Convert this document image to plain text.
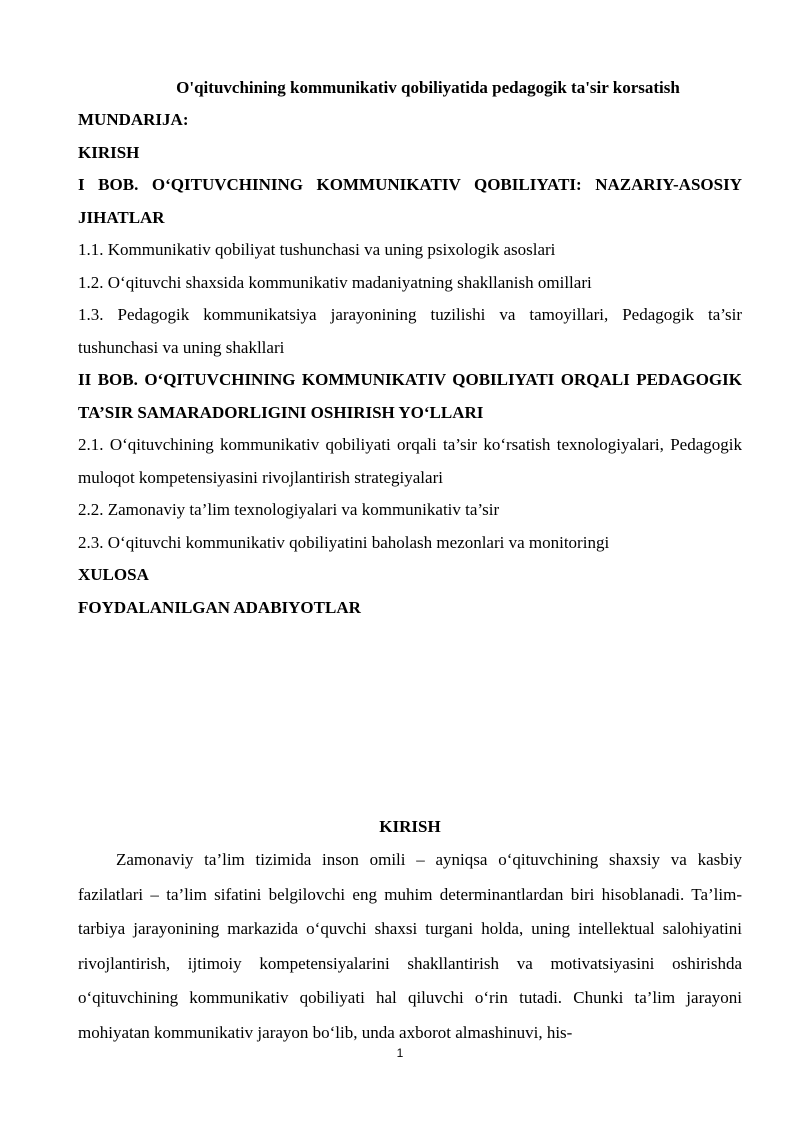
O'qituvchining kommunikativ qobiliyatida pedagogik ta'sir korsatish
MUNDARIJA:
KIRISH
I BOB. O‘QITUVCHINING KOMMUNIKATIV QOBILIYATI: NAZARIY-ASOSIY JIHATLAR
1.1. Kommunikativ qobiliyat tushunchasi va uning psixologik asoslari
1.2. O‘qituvchi shaxsida kommunikativ madaniyatning shakllanish omillari
1.3. Pedagogik kommunikatsiya jarayonining tuzilishi va tamoyillari, Pedagogik ta’sir tushunchasi va uning shakllari
II BOB. O‘QITUVCHINING KOMMUNIKATIV QOBILIYATI ORQALI PEDAGOGIK TA’SIR SAMARADORLIGINI OSHIRISH YO‘LLARI
2.1. O‘qituvchining kommunikativ qobiliyati orqali ta’sir ko‘rsatish texnologiyalari, Pedagogik muloqot kompetensiyasini rivojlantirish strategiyalari
2.2. Zamonaviy ta’lim texnologiyalari va kommunikativ ta’sir
2.3. O‘qituvchi kommunikativ qobiliyatini baholash mezonlari va monitoringi
XULOSA
FOYDALANILGAN ADABIYOTLAR
KIRISH
Zamonaviy ta’lim tizimida inson omili – ayniqsa o‘qituvchining shaxsiy va kasbiy fazilatlari – ta’lim sifatini belgilovchi eng muhim determinantlardan biri hisoblanadi. Ta’lim-tarbiya jarayonining markazida o‘quvchi shaxsi turgani holda, uning intellektual salohiyatini rivojlantirish, ijtimoiy kompetensiyalarini shakllantirish va motivatsiyasini oshirishda o‘qituvchining kommunikativ qobiliyati hal qiluvchi o‘rin tutadi. Chunki ta’lim jarayoni mohiyatan kommunikativ jarayon bo‘lib, unda axborot almashinuvi, his-
1
